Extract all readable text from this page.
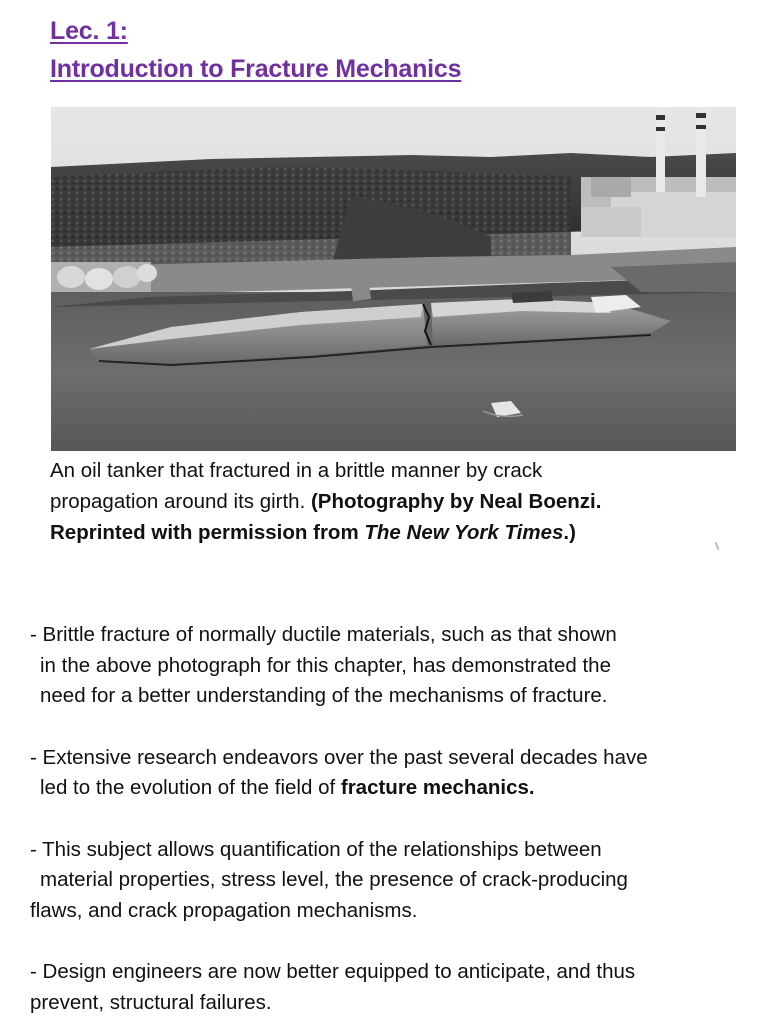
Lec. 1:
Introduction to Fracture Mechanics
An oil tanker that fractured in a brittle manner by crack
propagation around its girth. (Photography by Neal Boenzi.
Reprinted with permission from The New York Times.)

- Brittle fracture of normally ductile materials, such as that shown
in the above photograph for this chapter, has demonstrated the
need for a better understanding of the mechanisms of fracture.

- Extensive research endeavors over the past several decades have
led to the evolution of the field of fracture mechanics.

- This subject allows quantification of the relationships between
material properties, stress level, the presence of crack-producing
flaws, and crack propagation mechanisms.

- Design engineers are now better equipped to anticipate, and thus
prevent, structural failures.
